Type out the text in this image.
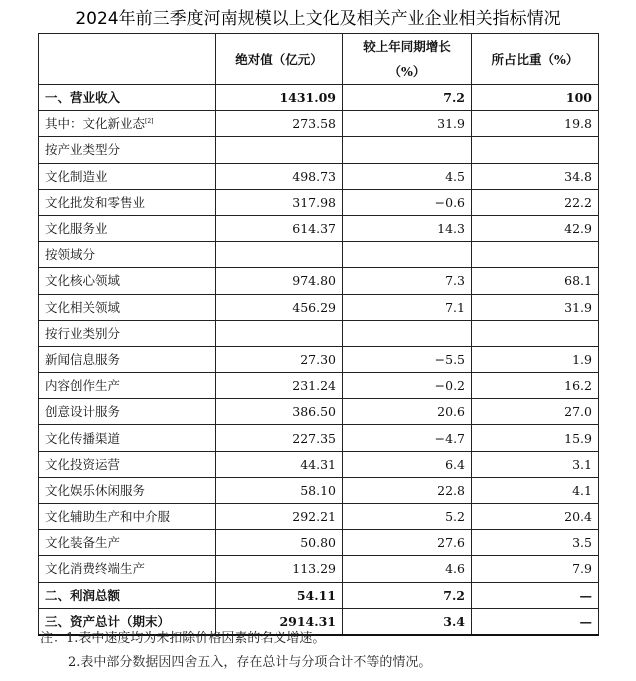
2024年前三季度河南规模以上文化及相关产业企业相关指标情况
	绝对值（亿元）	较上年同期增长（%）	所占比重（%）
一、营业收入	1431.09	7.2	100
其中：文化新业态[2]	273.58	31.9	19.8
按产业类型分			
文化制造业	498.73	4.5	34.8
文化批发和零售业	317.98	−0.6	22.2
文化服务业	614.37	14.3	42.9
按领域分			
文化核心领域	974.80	7.3	68.1
文化相关领域	456.29	7.1	31.9
按行业类别分			
新闻信息服务	27.30	−5.5	1.9
内容创作生产	231.24	−0.2	16.2
创意设计服务	386.50	20.6	27.0
文化传播渠道	227.35	−4.7	15.9
文化投资运营	44.31	6.4	3.1
文化娱乐休闲服务	58.10	22.8	4.1
文化辅助生产和中介服	292.21	5.2	20.4
文化装备生产	50.80	27.6	3.5
文化消费终端生产	113.29	4.6	7.9
二、利润总额	54.11	7.2	—
三、资产总计（期末）	2914.31	3.4	—
注：1.表中速度均为未扣除价格因素的名义增速。
2.表中部分数据因四舍五入，存在总计与分项合计不等的情况。
